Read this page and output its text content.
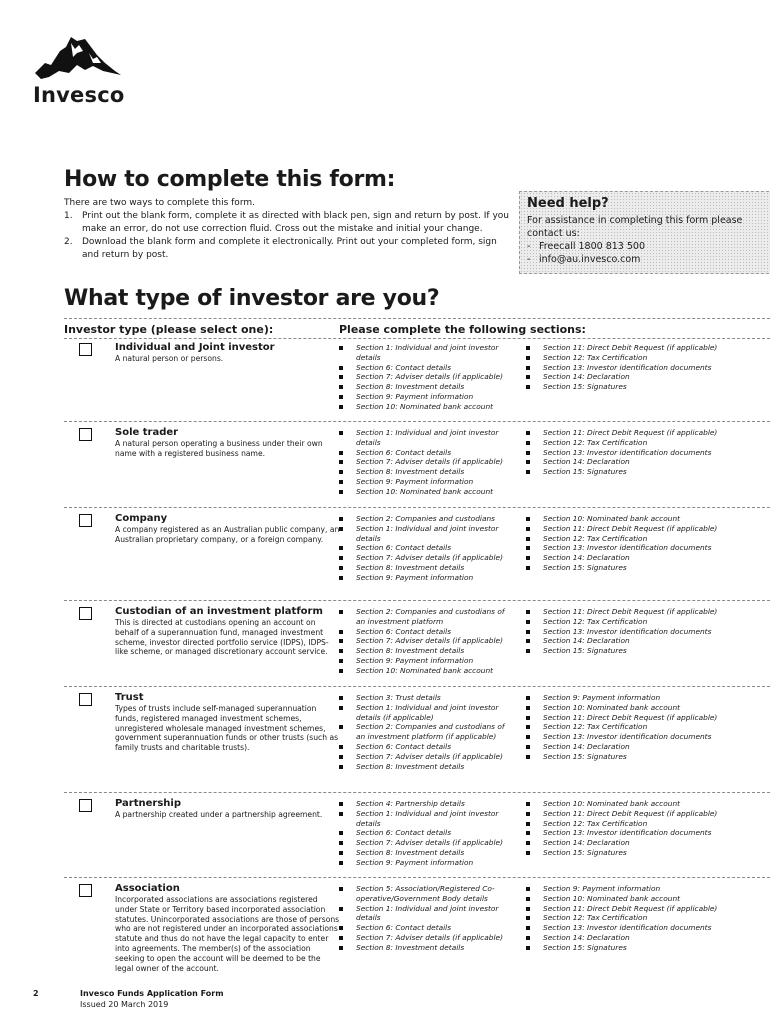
Invesco
How to complete this form:
There are two ways to complete this form.
1. Print out the blank form, complete it as directed with black pen, sign and return by post. If you make an error, do not use correction fluid. Cross out the mistake and initial your change.
2. Download the blank form and complete it electronically. Print out your completed form, sign and return by post.
Need help?
For assistance in completing this form please contact us:
- Freecall 1800 813 500
- info@au.invesco.com
What type of investor are you?
Investor type (please select one):	Please complete the following sections:
Individual and Joint investor
A natural person or persons.
Section 1: Individual and joint investor details
Section 6: Contact details
Section 7: Adviser details (if applicable)
Section 8: Investment details
Section 9: Payment information
Section 10: Nominated bank account
Section 11: Direct Debit Request (if applicable)
Section 12: Tax Certification
Section 13: Investor identification documents
Section 14: Declaration
Section 15: Signatures
Sole trader
A natural person operating a business under their own name with a registered business name.
Section 1: Individual and joint investor details
Section 6: Contact details
Section 7: Adviser details (if applicable)
Section 8: Investment details
Section 9: Payment information
Section 10: Nominated bank account
Section 11: Direct Debit Request (if applicable)
Section 12: Tax Certification
Section 13: Investor identification documents
Section 14: Declaration
Section 15: Signatures
Company
A company registered as an Australian public company, an Australian proprietary company, or a foreign company.
Section 2: Companies and custodians
Section 1: Individual and joint investor details
Section 6: Contact details
Section 7: Adviser details (if applicable)
Section 8: Investment details
Section 9: Payment information
Section 10: Nominated bank account
Section 11: Direct Debit Request (if applicable)
Section 12: Tax Certification
Section 13: Investor identification documents
Section 14: Declaration
Section 15: Signatures
Custodian of an investment platform
This is directed at custodians opening an account on behalf of a superannuation fund, managed investment scheme, investor directed portfolio service (IDPS), IDPS-like scheme, or managed discretionary account service.
Section 2: Companies and custodians of an investment platform
Section 6: Contact details
Section 7: Adviser details (if applicable)
Section 8: Investment details
Section 9: Payment information
Section 10: Nominated bank account
Section 11: Direct Debit Request (if applicable)
Section 12: Tax Certification
Section 13: Investor identification documents
Section 14: Declaration
Section 15: Signatures
Trust
Types of trusts include self-managed superannuation funds, registered managed investment schemes, unregistered wholesale managed investment schemes, government superannuation funds or other trusts (such as family trusts and charitable trusts).
Section 3: Trust details
Section 1: Individual and joint investor details (if applicable)
Section 2: Companies and custodians of an investment platform (if applicable)
Section 6: Contact details
Section 7: Adviser details (if applicable)
Section 8: Investment details
Section 9: Payment information
Section 10: Nominated bank account
Section 11: Direct Debit Request (if applicable)
Section 12: Tax Certification
Section 13: Investor identification documents
Section 14: Declaration
Section 15: Signatures
Partnership
A partnership created under a partnership agreement.
Section 4: Partnership details
Section 1: Individual and joint investor details
Section 6: Contact details
Section 7: Adviser details (if applicable)
Section 8: Investment details
Section 9: Payment information
Section 10: Nominated bank account
Section 11: Direct Debit Request (if applicable)
Section 12: Tax Certification
Section 13: Investor identification documents
Section 14: Declaration
Section 15: Signatures
Association
Incorporated associations are associations registered under State or Territory based incorporated association statutes. Unincorporated associations are those of persons who are not registered under an incorporated associations statute and thus do not have the legal capacity to enter into agreements. The member(s) of the association seeking to open the account will be deemed to be the legal owner of the account.
Section 5: Association/Registered Co-operative/Government Body details
Section 1: Individual and joint investor details
Section 6: Contact details
Section 7: Adviser details (if applicable)
Section 8: Investment details
Section 9: Payment information
Section 10: Nominated bank account
Section 11: Direct Debit Request (if applicable)
Section 12: Tax Certification
Section 13: Investor identification documents
Section 14: Declaration
Section 15: Signatures
2	Invesco Funds Application Form
Issued 20 March 2019
